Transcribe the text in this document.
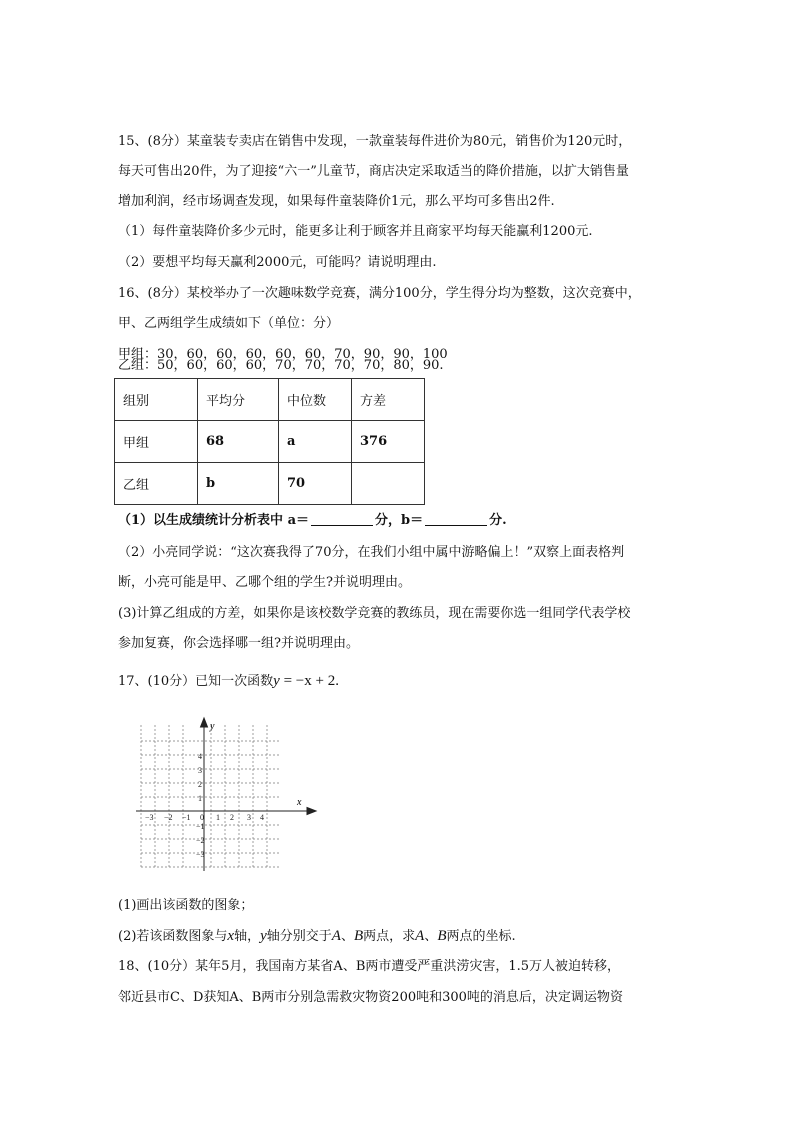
15、(8分）某童装专卖店在销售中发现，一款童装每件进价为80元，销售价为120元时，
每天可售出20件，为了迎接“六一”儿童节，商店决定采取适当的降价措施，以扩大销售量
增加利润，经市场调查发现，如果每件童装降价1元，那么平均可多售出2件.
（1）每件童装降价多少元时，能更多让利于顾客并且商家平均每天能赢利1200元.
（2）要想平均每天赢利2000元，可能吗？请说明理由.
16、(8分）某校举办了一次趣味数学竞赛，满分100分，学生得分均为整数，这次竞赛中，
甲、乙两组学生成绩如下（单位：分）
甲组：30，60，60，60，60，60，70，90，90，100
乙组：50，60，60，60，70，70，70，70，80，90.
组别	平均分	中位数	方差
甲组	68	a	376
乙组	b	70	
（1）以生成绩统计分析表中 a＝	分，b＝	分.
（2）小亮同学说：“这次赛我得了70分，在我们小组中属中游略偏上！”双察上面表格判
断，小亮可能是甲、乙哪个组的学生?并说明理由。
(3)计算乙组成的方差，如果你是该校数学竞赛的教练员，现在需要你选一组同学代表学校
参加复赛，你会选择哪一组?并说明理由。
17、(10分）已知一次函数y = −x + 2.
x
y
−3 −2 −1 0 1 2 3 4
4
3
2
1
−1
−2
−3
(1)画出该函数的图象；
(2)若该函数图象与x轴，y轴分别交于A、B两点，求A、B两点的坐标.
18、(10分）某年5月，我国南方某省A、B两市遭受严重洪涝灾害，1.5万人被迫转移，
邻近县市C、D获知A、B两市分别急需救灾物资200吨和300吨的消息后，决定调运物资
